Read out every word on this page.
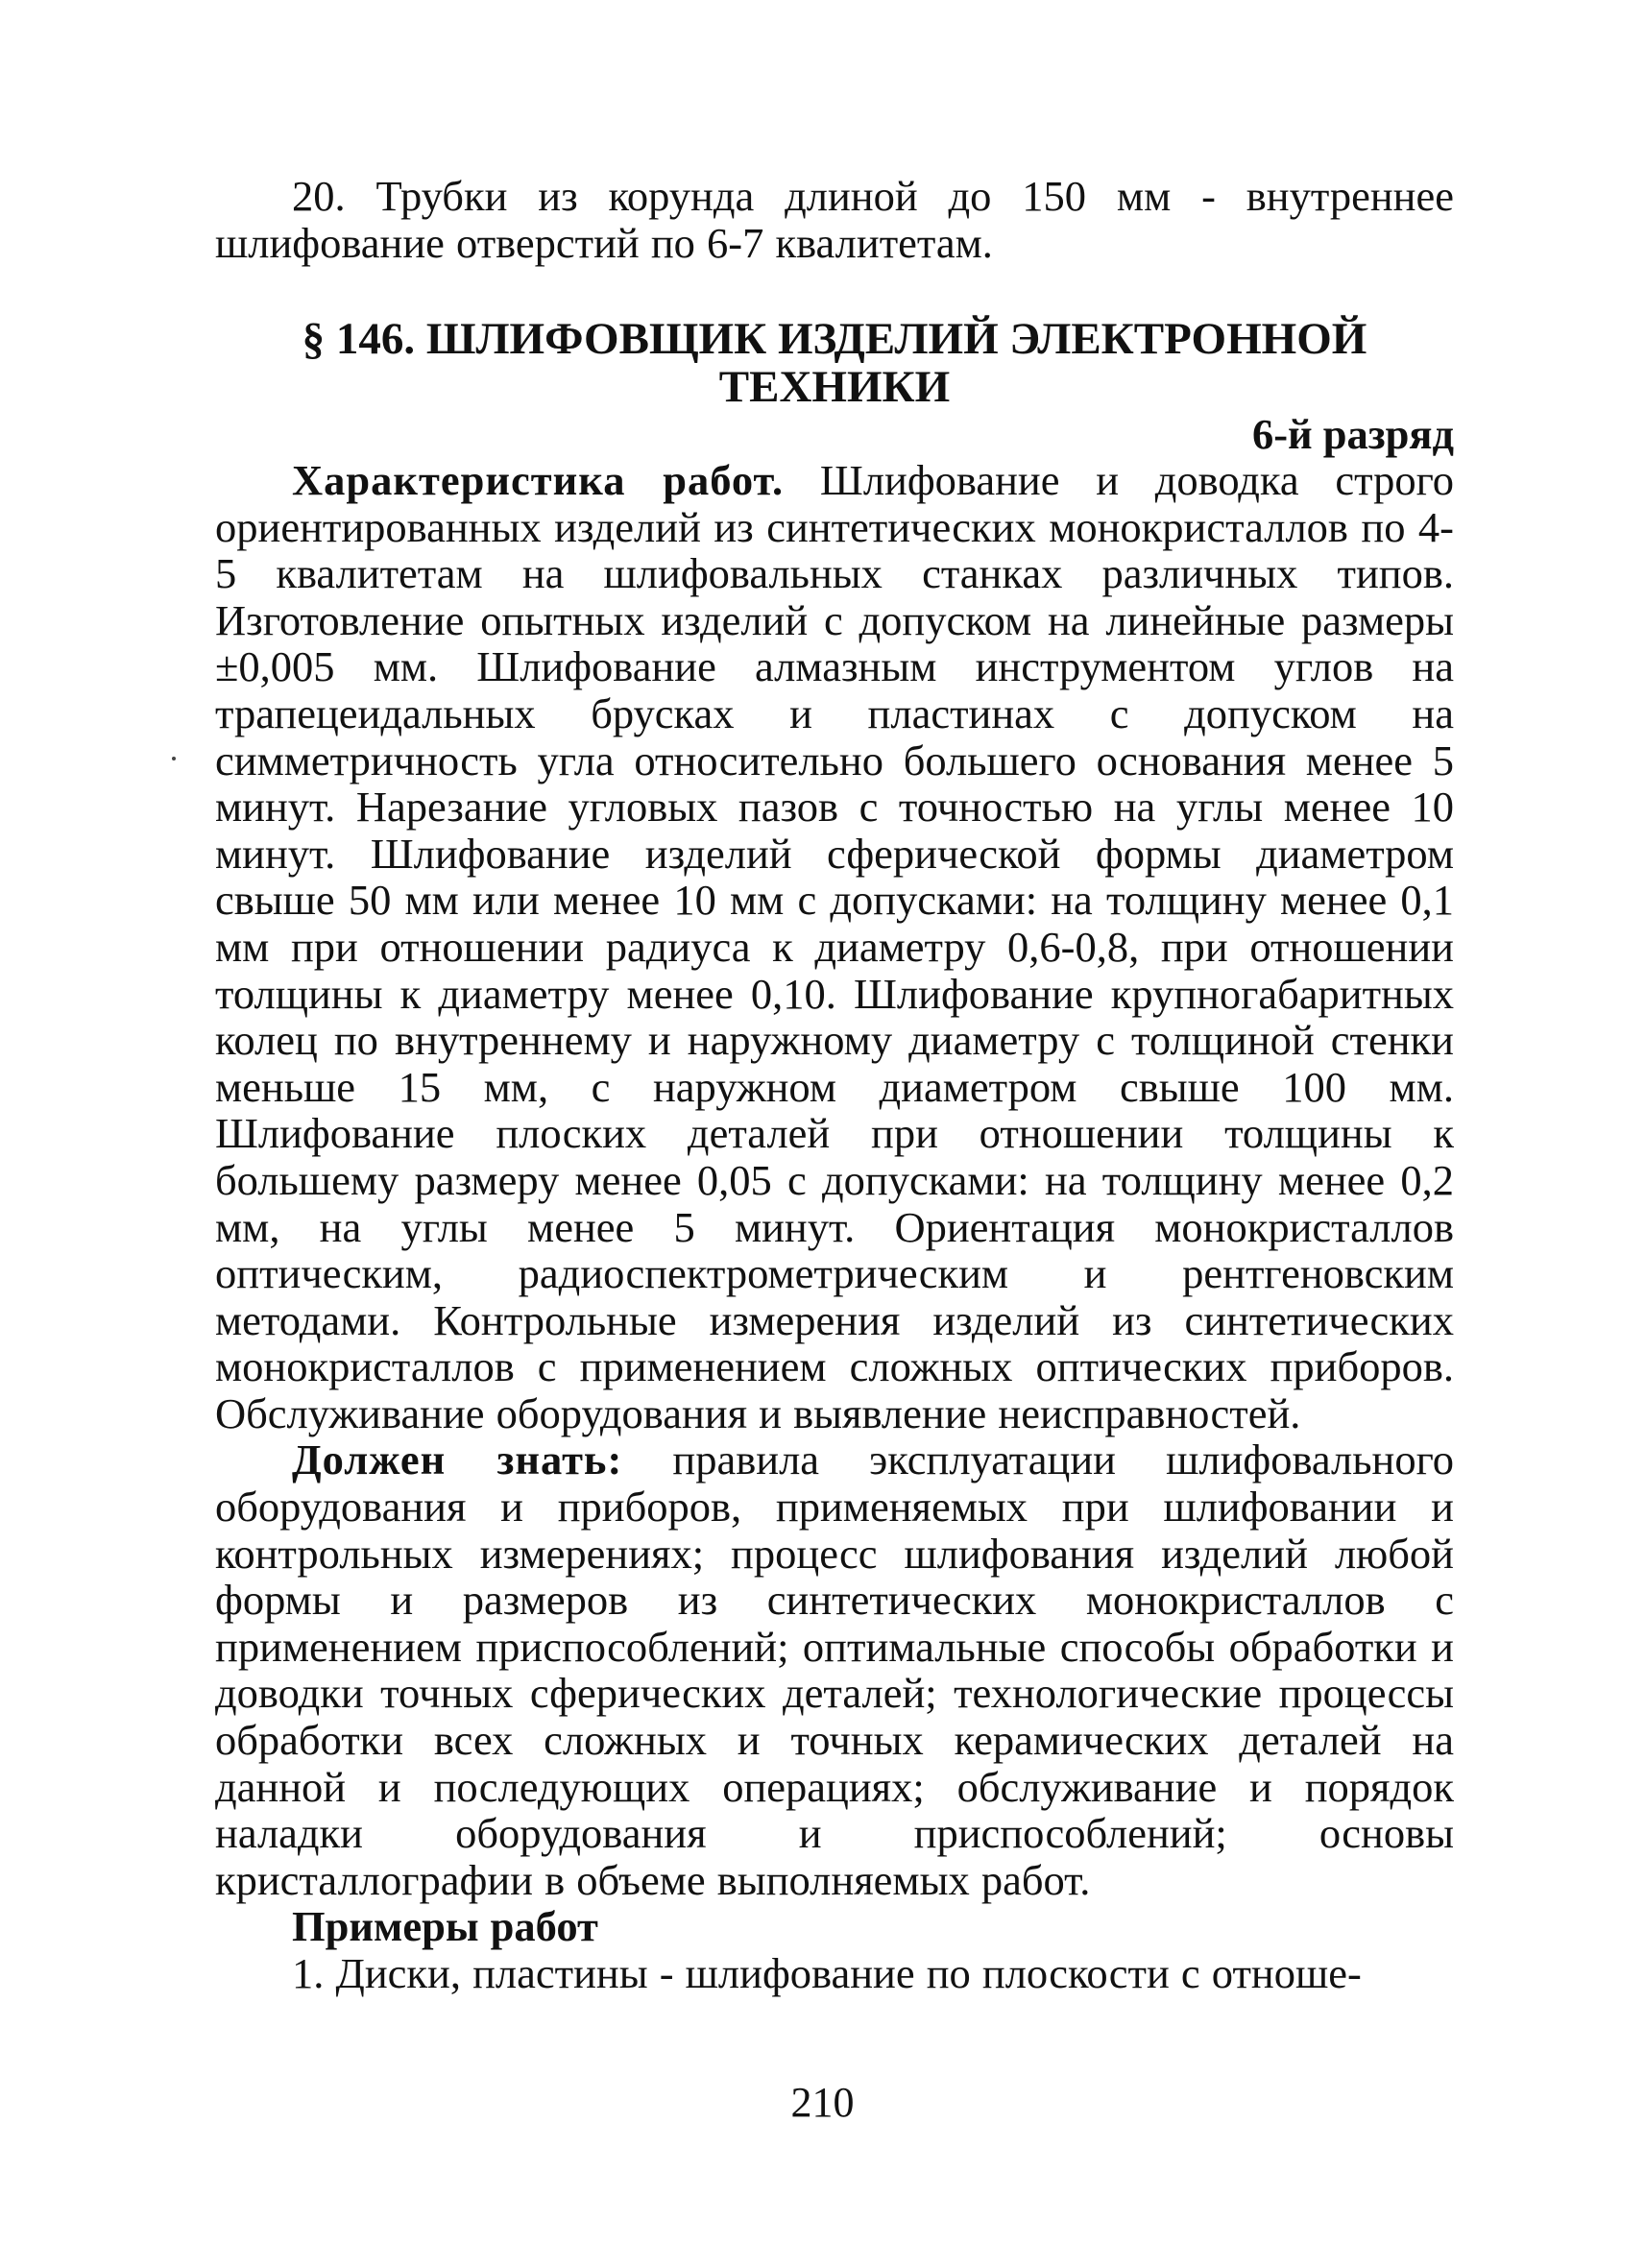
20. Трубки из корунда длиной до 150 мм - внутреннее шлифование отверстий по 6-7 квалитетам.

§ 146. ШЛИФОВЩИК ИЗДЕЛИЙ ЭЛЕКТРОННОЙ
ТЕХНИКИ
6-й разряд

Характеристика работ. Шлифование и доводка строго ориентированных изделий из синтетических монокристаллов по 4-5 квалитетам на шлифовальных станках различных типов. Изготовление опытных изделий с допуском на линейные размеры ±0,005 мм. Шлифование алмазным инструментом углов на трапецеидальных брусках и пластинах с допуском на симметричность угла относительно большего основания менее 5 минут. Нарезание угловых пазов с точностью на углы менее 10 минут. Шлифование изделий сферической формы диаметром свыше 50 мм или менее 10 мм с допусками: на толщину менее 0,1 мм при отношении радиуса к диаметру 0,6-0,8, при отношении толщины к диаметру менее 0,10. Шлифование крупногабаритных колец по внутреннему и наружному диаметру с толщиной стенки меньше 15 мм, с наружном диаметром свыше 100 мм. Шлифование плоских деталей при отношении толщины к большему размеру менее 0,05 с допусками: на толщину менее 0,2 мм, на углы менее 5 минут. Ориентация монокристаллов оптическим, радиоспектрометрическим и рентгеновским методами. Контрольные измерения изделий из синтетических монокристаллов с применением сложных оптических приборов. Обслуживание оборудования и выявление неисправностей.

Должен знать: правила эксплуатации шлифовального оборудования и приборов, применяемых при шлифовании и контрольных измерениях; процесс шлифования изделий любой формы и размеров из синтетических монокристаллов с применением приспособлений; оптимальные способы обработки и доводки точных сферических деталей; технологические процессы обработки всех сложных и точных керамических деталей на данной и последующих операциях; обслуживание и порядок наладки оборудования и приспособлений; основы кристаллографии в объеме выполняемых работ.

Примеры работ

1. Диски, пластины - шлифование по плоскости с отноше-

210
